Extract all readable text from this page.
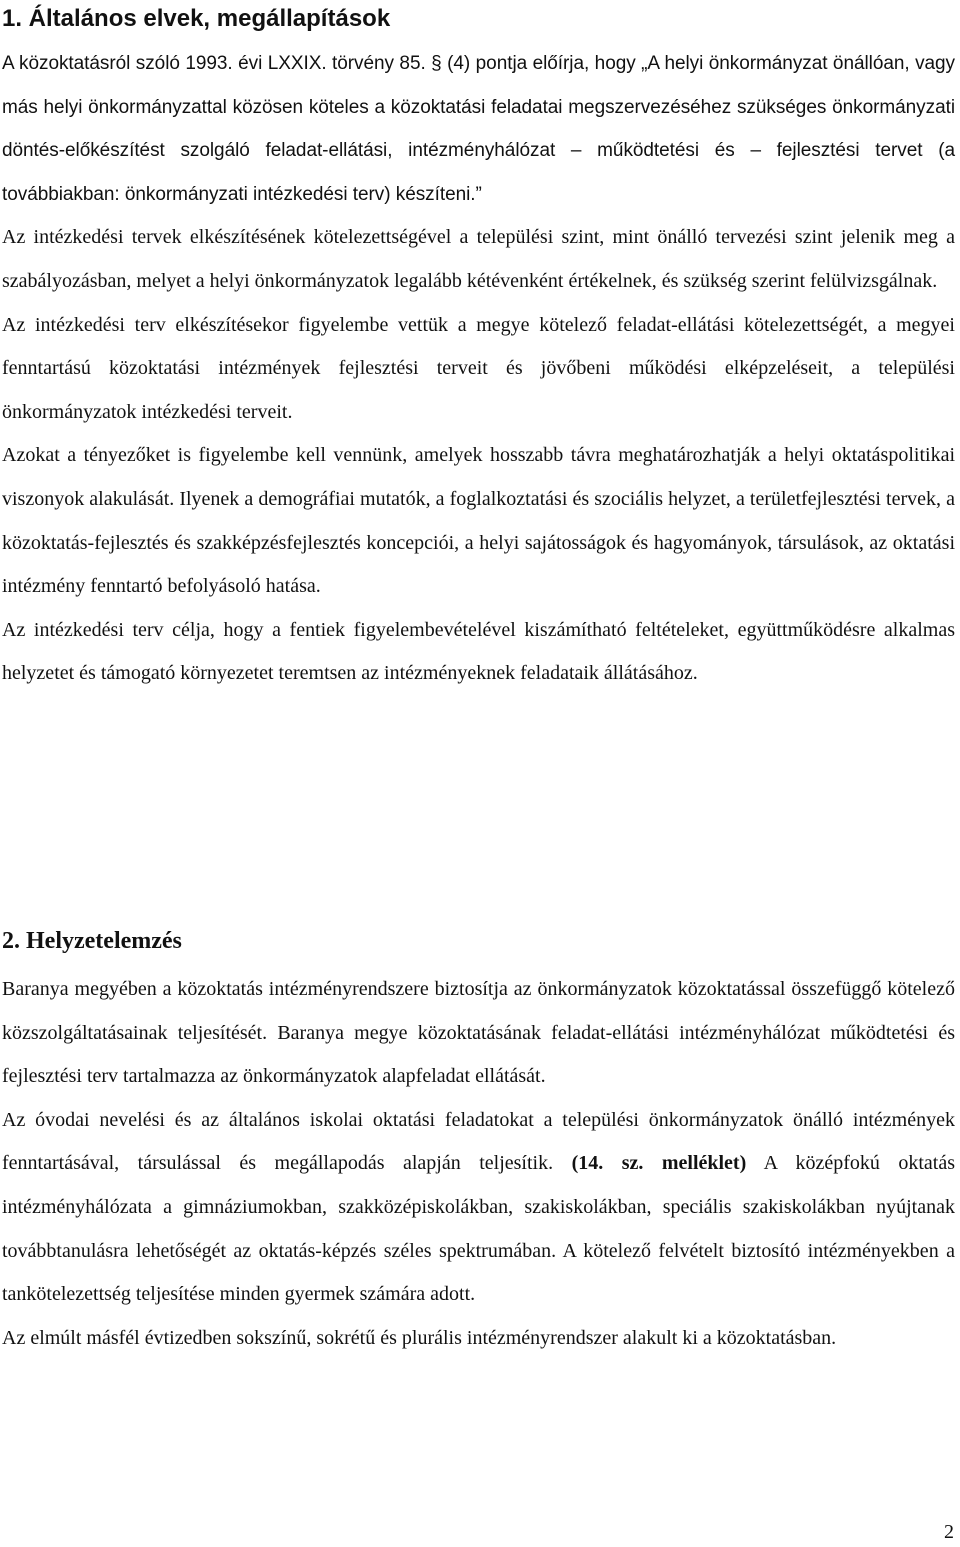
1. Általános elvek, megállapítások

A közoktatásról szóló 1993. évi LXXIX. törvény 85. § (4) pontja előírja, hogy „A helyi önkormányzat önállóan, vagy más helyi önkormányzattal közösen köteles a közoktatási feladatai megszervezéséhez szükséges önkormányzati döntés-előkészítést szolgáló feladat-ellátási, intézményhálózat – működtetési és – fejlesztési tervet (a továbbiakban: önkormányzati intézkedési terv) készíteni.”

Az intézkedési tervek elkészítésének kötelezettségével a települési szint, mint önálló tervezési szint jelenik meg a szabályozásban, melyet a helyi önkormányzatok legalább kétévenként értékelnek, és szükség szerint felülvizsgálnak.

Az intézkedési terv elkészítésekor figyelembe vettük a megye kötelező feladat-ellátási kötelezettségét, a megyei fenntartású közoktatási intézmények fejlesztési terveit és jövőbeni működési elképzeléseit, a települési önkormányzatok intézkedési terveit.

Azokat a tényezőket is figyelembe kell vennünk, amelyek hosszabb távra meghatározhatják a helyi oktatáspolitikai viszonyok alakulását. Ilyenek a demográfiai mutatók, a foglalkoztatási és szociális helyzet, a területfejlesztési tervek, a közoktatás-fejlesztés és szakképzésfejlesztés koncepciói, a helyi sajátosságok és hagyományok, társulások, az oktatási intézmény fenntartó befolyásoló hatása.

Az intézkedési terv célja, hogy a fentiek figyelembevételével kiszámítható feltételeket, együttműködésre alkalmas helyzetet és támogató környezetet teremtsen az intézményeknek feladataik állátásához.

2. Helyzetelemzés

Baranya megyében a közoktatás intézményrendszere biztosítja az önkormányzatok közoktatással összefüggő kötelező közszolgáltatásainak teljesítését. Baranya megye közoktatásának feladat-ellátási intézményhálózat működtetési és fejlesztési terv tartalmazza az önkormányzatok alapfeladat ellátását.

Az óvodai nevelési és az általános iskolai oktatási feladatokat a települési önkormányzatok önálló intézmények fenntartásával, társulással és megállapodás alapján teljesítik. (14. sz. melléklet) A középfokú oktatás intézményhálózata a gimnáziumokban, szakközépiskolákban, szakiskolákban, speciális szakiskolákban nyújtanak továbbtanulásra lehetőségét az oktatás-képzés széles spektrumában. A kötelező felvételt biztosító intézményekben a tankötelezettség teljesítése minden gyermek számára adott.

Az elmúlt másfél évtizedben sokszínű, sokrétű és plurális intézményrendszer alakult ki a közoktatásban.

2
